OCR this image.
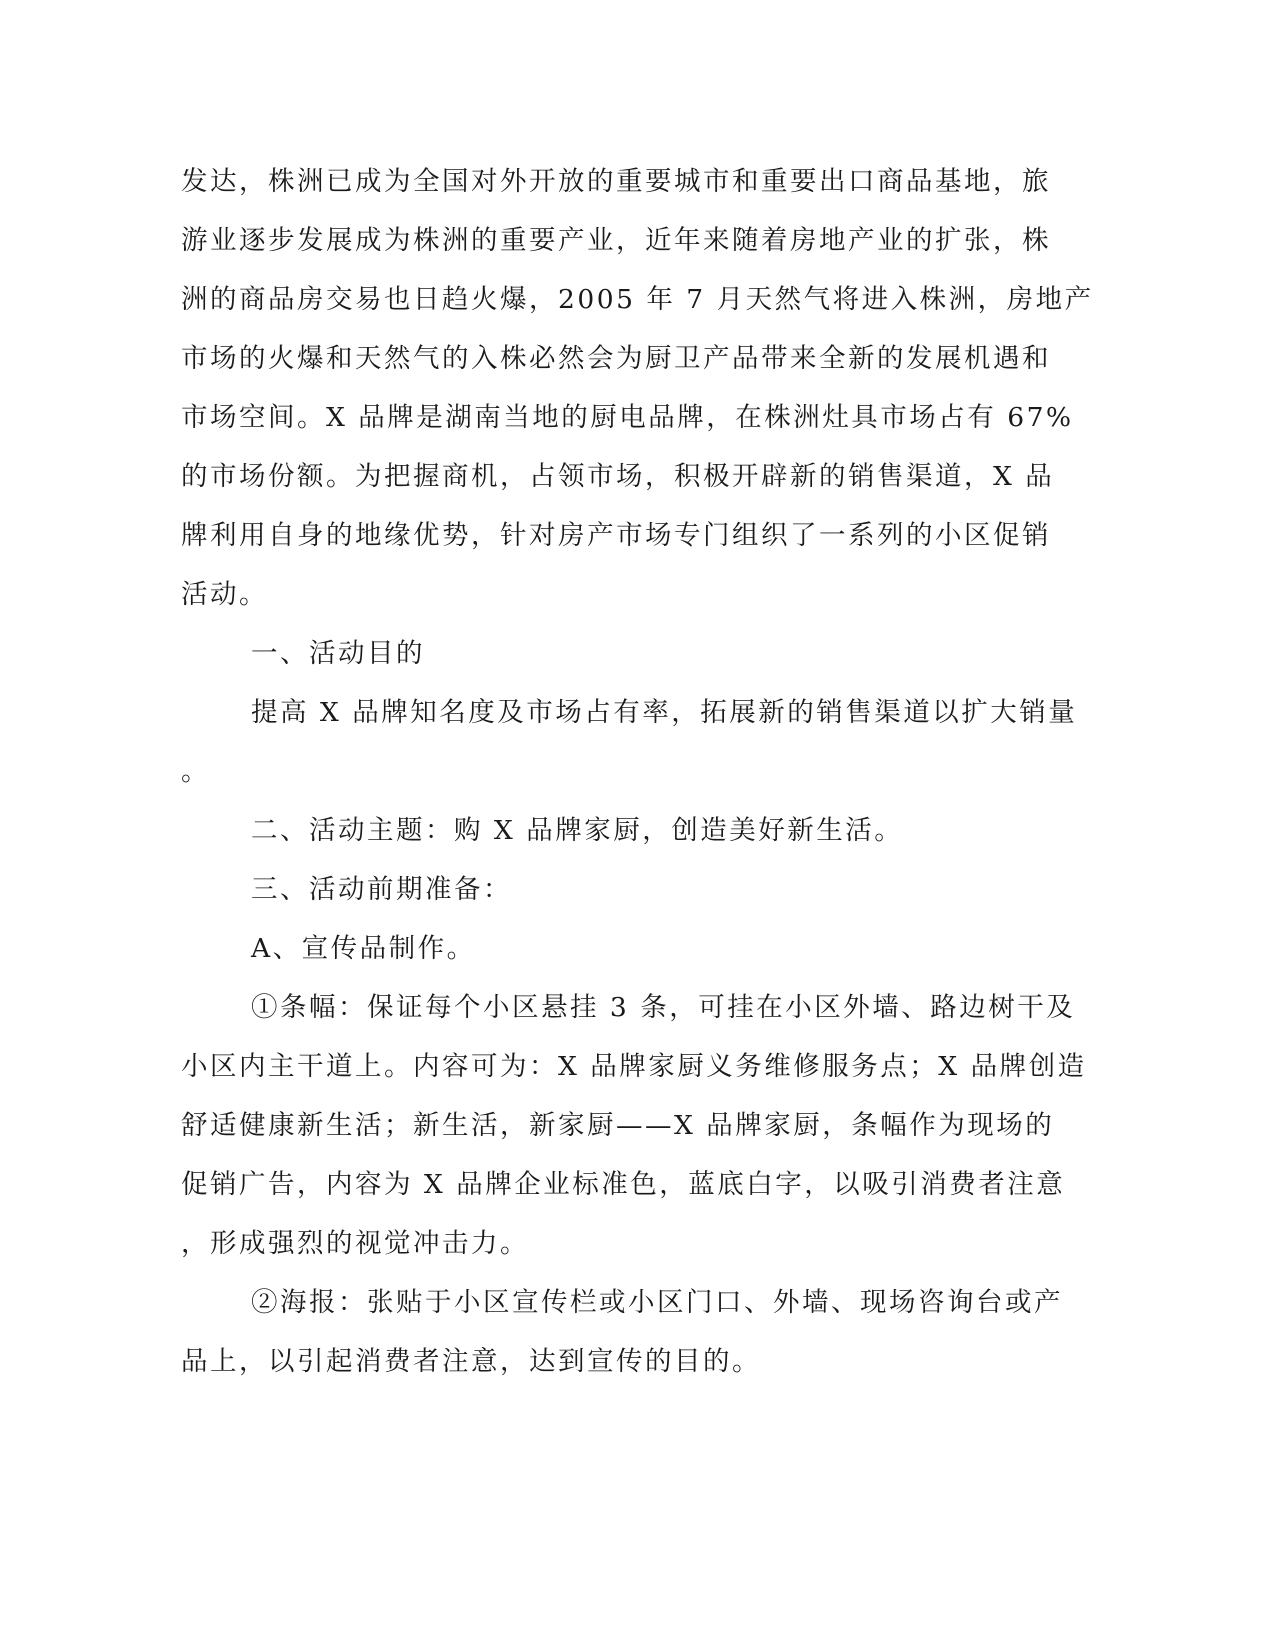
发达，株洲已成为全国对外开放的重要城市和重要出口商品基地，旅
游业逐步发展成为株洲的重要产业，近年来随着房地产业的扩张，株
洲的商品房交易也日趋火爆，2005 年 7 月天然气将进入株洲，房地产
市场的火爆和天然气的入株必然会为厨卫产品带来全新的发展机遇和
市场空间。X 品牌是湖南当地的厨电品牌，在株洲灶具市场占有 67%
的市场份额。为把握商机，占领市场，积极开辟新的销售渠道，X 品
牌利用自身的地缘优势，针对房产市场专门组织了一系列的小区促销
活动。
一、活动目的
提高 X 品牌知名度及市场占有率，拓展新的销售渠道以扩大销量
。
二、活动主题：购 X 品牌家厨，创造美好新生活。
三、活动前期准备：
A、宣传品制作。
①条幅：保证每个小区悬挂 3 条，可挂在小区外墙、路边树干及
小区内主干道上。内容可为：X 品牌家厨义务维修服务点；X 品牌创造
舒适健康新生活；新生活，新家厨——X 品牌家厨，条幅作为现场的
促销广告，内容为 X 品牌企业标准色，蓝底白字，以吸引消费者注意
，形成强烈的视觉冲击力。
②海报：张贴于小区宣传栏或小区门口、外墙、现场咨询台或产
品上，以引起消费者注意，达到宣传的目的。
